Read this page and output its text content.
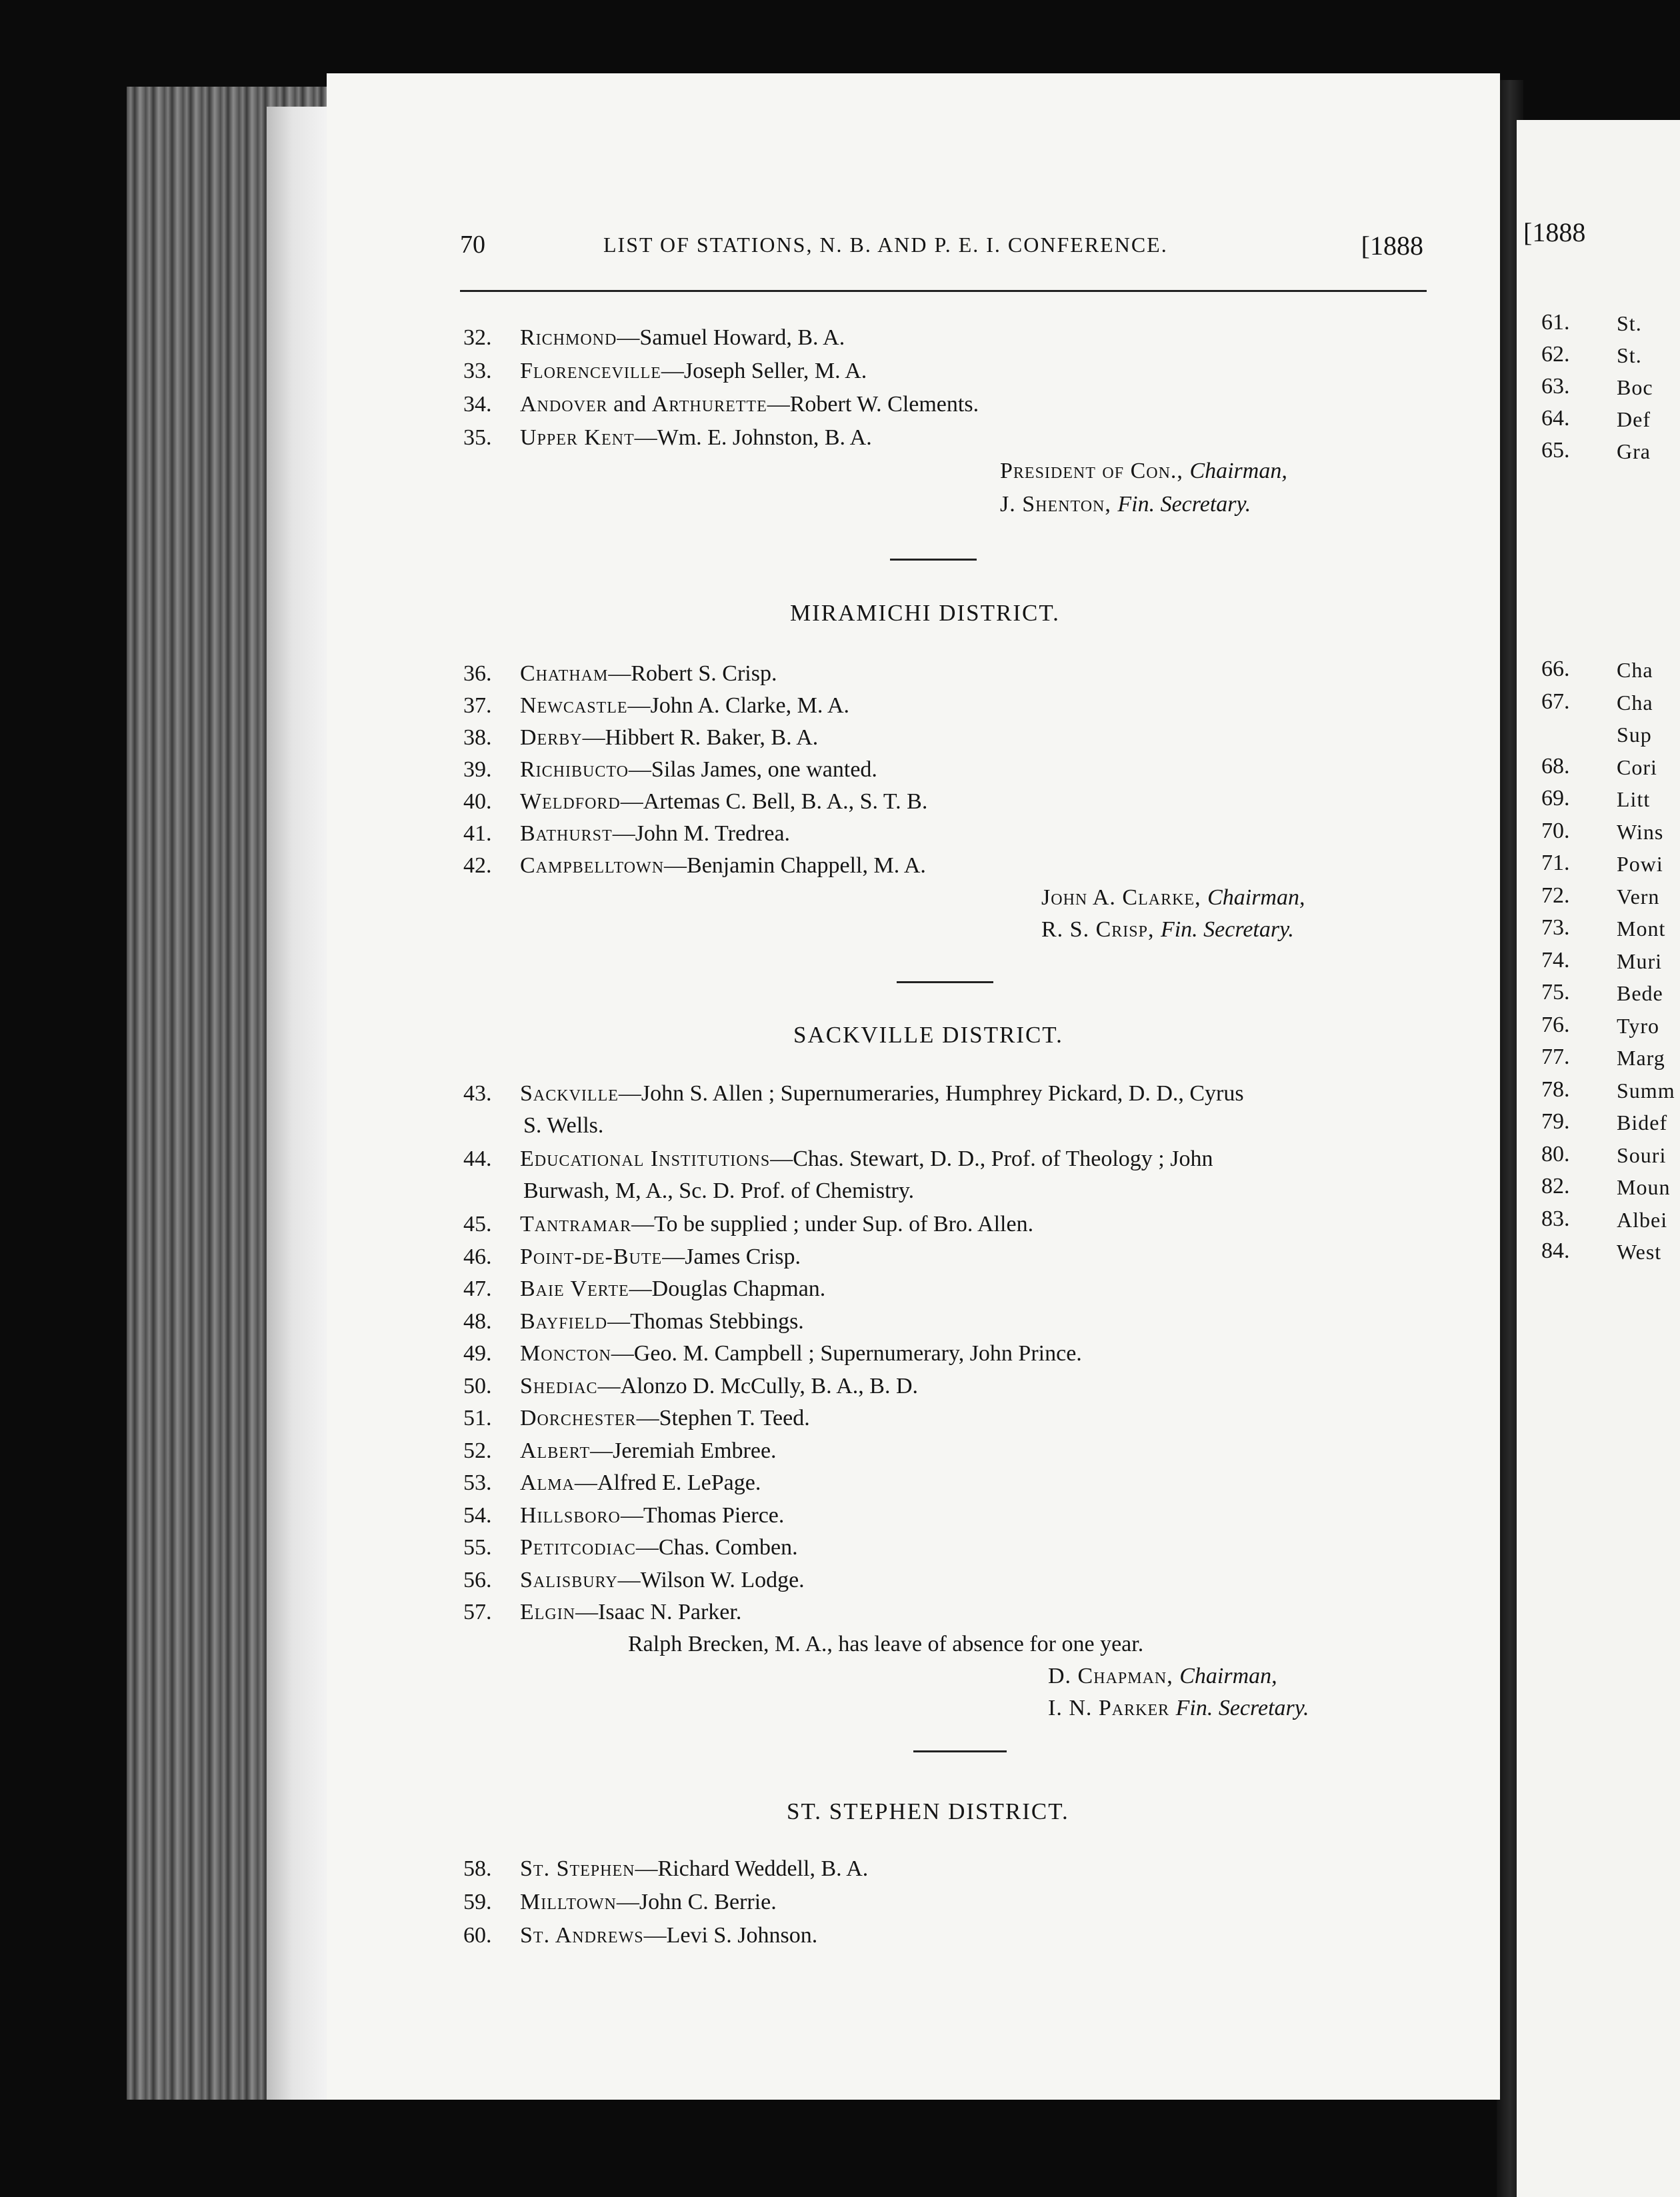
70	LIST OF STATIONS, N. B. AND P. E. I. CONFERENCE.	[1888
32. Richmond—Samuel Howard, B. A.
33. Florenceville—Joseph Seller, M. A.
34. Andover and Arthurette—Robert W. Clements.
35. Upper Kent—Wm. E. Johnston, B. A.
President of Con., Chairman,
J. Shenton, Fin. Secretary.
MIRAMICHI DISTRICT.
36. Chatham—Robert S. Crisp.
37. Newcastle—John A. Clarke, M. A.
38. Derby—Hibbert R. Baker, B. A.
39. Richibucto—Silas James, one wanted.
40. Weldford—Artemas C. Bell, B. A., S. T. B.
41. Bathurst—John M. Tredrea.
42. Campbelltown—Benjamin Chappell, M. A.
John A. Clarke, Chairman,
R. S. Crisp, Fin. Secretary.
SACKVILLE DISTRICT.
43. Sackville—John S. Allen ; Supernumeraries, Humphrey Pickard, D. D., Cyrus
S. Wells.
44. Educational Institutions—Chas. Stewart, D. D., Prof. of Theology ; John
Burwash, M, A., Sc. D. Prof. of Chemistry.
45. Tantramar—To be supplied ; under Sup. of Bro. Allen.
46. Point-de-Bute—James Crisp.
47. Baie Verte—Douglas Chapman.
48. Bayfield—Thomas Stebbings.
49. Moncton—Geo. M. Campbell ; Supernumerary, John Prince.
50. Shediac—Alonzo D. McCully, B. A., B. D.
51. Dorchester—Stephen T. Teed.
52. Albert—Jeremiah Embree.
53. Alma—Alfred E. LePage.
54. Hillsboro—Thomas Pierce.
55. Petitcodiac—Chas. Comben.
56. Salisbury—Wilson W. Lodge.
57. Elgin—Isaac N. Parker.
Ralph Brecken, M. A., has leave of absence for one year.
D. Chapman, Chairman,
I. N. Parker Fin. Secretary.
ST. STEPHEN DISTRICT.
58. St. Stephen—Richard Weddell, B. A.
59. Milltown—John C. Berrie.
60. St. Andrews—Levi S. Johnson.
[1888
61. St.
62. St.
63. Boc
64. Def
65. Gra
66. Cha
67. Cha
Sup
68. Cori
69. Litt
70. Wins
71. Powi
72. Vern
73. Mont
74. Muri
75. Bede
76. Tyro
77. Marg
78. Summ
79. Bidef
80. Souri
82. Moun
83. Albei
84. West
